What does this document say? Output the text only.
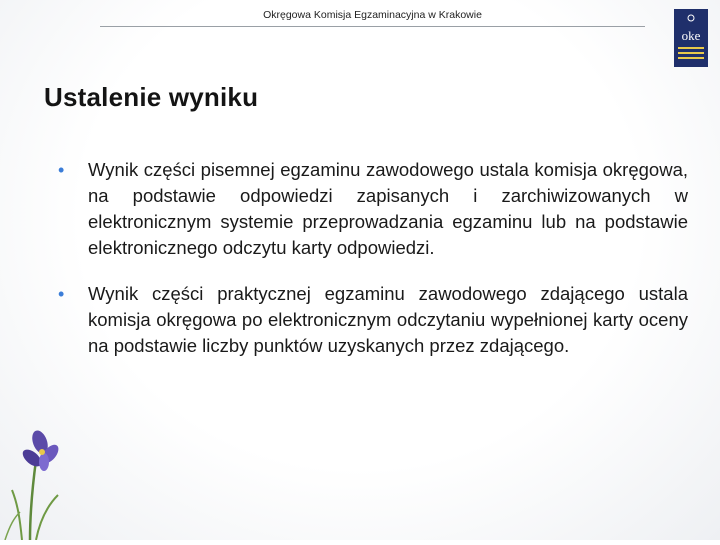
Okręgowa Komisja Egzaminacyjna w Krakowie
oke
Ustalenie wyniku
• Wynik części pisemnej egzaminu zawodowego ustala komisja okręgowa, na podstawie odpowiedzi zapisanych i zarchiwizowanych w elektronicznym systemie przeprowadzania egzaminu lub na podstawie elektronicznego odczytu karty odpowiedzi.
• Wynik części praktycznej egzaminu zawodowego zdającego ustala komisja okręgowa po elektronicznym odczytaniu wypełnionej karty oceny na podstawie liczby punktów uzyskanych przez zdającego.
